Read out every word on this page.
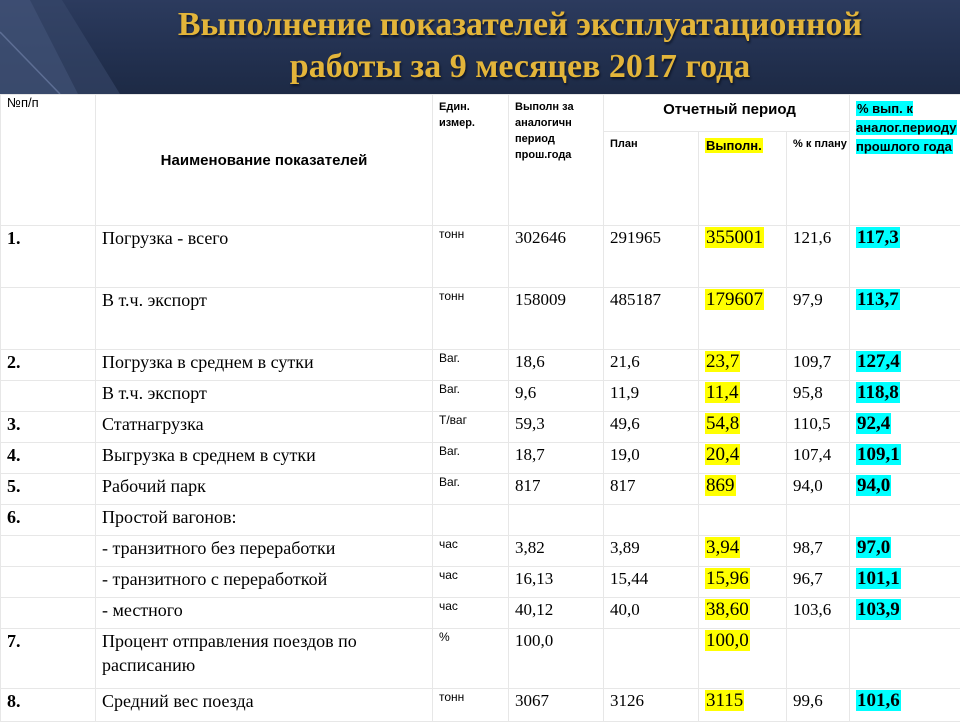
Выполнение показателей эксплуатационной
работы за 9 месяцев 2017 года
№п/п	Наименование показателей	Един. измер.	Выполн за аналогичн период прош.года	Отчетный период			% вып. к аналог.периоду прошлого года
				План	Выполн.	% к плану	
1.	Погрузка - всего	тонн	302646	291965	355001	121,6	117,3
	В т.ч. экспорт	тонн	158009	485187	179607	97,9	113,7
2.	Погрузка в среднем в сутки	Ваг.	18,6	21,6	23,7	109,7	127,4
	В т.ч. экспорт	Ваг.	9,6	11,9	11,4	95,8	118,8
3.	Статнагрузка	Т/ваг	59,3	49,6	54,8	110,5	92,4
4.	Выгрузка в среднем в сутки	Ваг.	18,7	19,0	20,4	107,4	109,1
5.	Рабочий парк	Ваг.	817	817	869	94,0	94,0
6.	Простой вагонов:						
	- транзитного без переработки	час	3,82	3,89	3,94	98,7	97,0
	- транзитного с переработкой	час	16,13	15,44	15,96	96,7	101,1
	- местного	час	40,12	40,0	38,60	103,6	103,9
7.	Процент отправления поездов по расписанию	%	100,0		100,0		
8.	Средний вес поезда	тонн	3067	3126	3115	99,6	101,6
